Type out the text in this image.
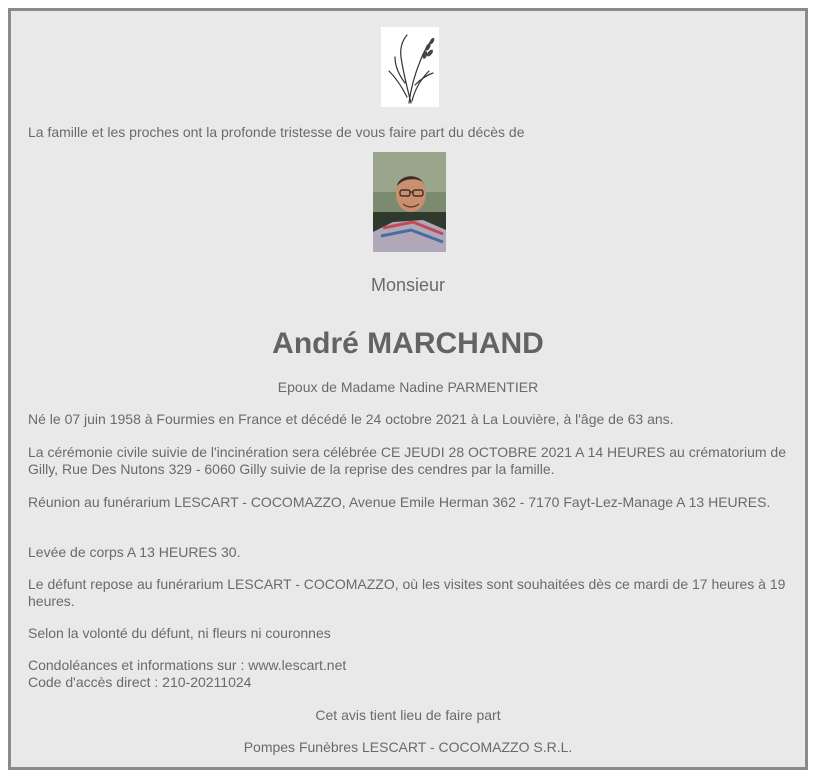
La famille et les proches ont la profonde tristesse de vous faire part du décès de
Monsieur
André MARCHAND
Epoux de Madame Nadine PARMENTIER
Né le 07 juin 1958 à Fourmies en France et décédé le 24 octobre 2021 à La Louvière, à l'âge de 63 ans.
La cérémonie civile suivie de l'incinération sera célébrée CE JEUDI 28 OCTOBRE 2021 A 14 HEURES au crématorium de Gilly, Rue Des Nutons 329 - 6060 Gilly suivie de la reprise des cendres par la famille.
Réunion au funérarium LESCART - COCOMAZZO, Avenue Emile Herman 362 - 7170 Fayt-Lez-Manage A 13 HEURES.
Levée de corps A 13 HEURES 30.
Le défunt repose au funérarium LESCART - COCOMAZZO, où les visites sont souhaitées dès ce mardi de 17 heures à 19 heures.
Selon la volonté du défunt, ni fleurs ni couronnes
Condoléances et informations sur : www.lescart.net
Code d'accès direct : 210-20211024
Cet avis tient lieu de faire part
Pompes Funèbres LESCART - COCOMAZZO S.R.L.
